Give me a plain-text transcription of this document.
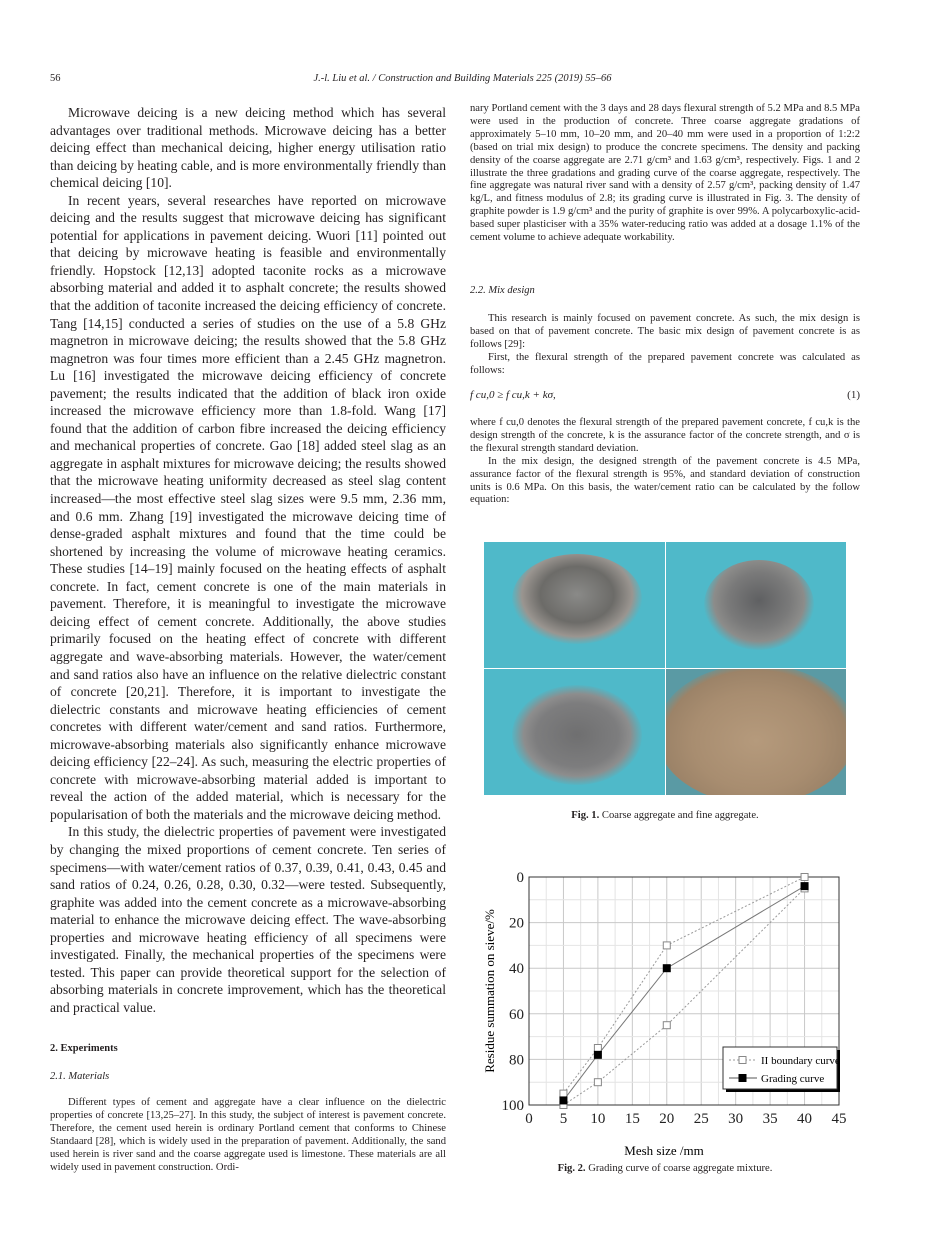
56	J.-l. Liu et al. / Construction and Building Materials 225 (2019) 55–66

Microwave deicing is a new deicing method which has several advantages over traditional methods. Microwave deicing has a better deicing effect than mechanical deicing, higher energy utilisation ratio than deicing by heating cable, and is more environmentally friendly than chemical deicing [10].

In recent years, several researches have reported on microwave deicing and the results suggest that microwave deicing has significant potential for applications in pavement deicing. Wuori [11] pointed out that deicing by microwave heating is feasible and environmentally friendly. Hopstock [12,13] adopted taconite rocks as a microwave absorbing material and added it to asphalt concrete; the results showed that the addition of taconite increased the deicing efficiency of concrete. Tang [14,15] conducted a series of studies on the use of a 5.8 GHz magnetron in microwave deicing; the results showed that the 5.8 GHz magnetron was four times more efficient than a 2.45 GHz magnetron. Lu [16] investigated the microwave deicing efficiency of concrete pavement; the results indicated that the addition of black iron oxide increased the microwave efficiency more than 1.8-fold. Wang [17] found that the addition of carbon fibre increased the deicing efficiency and mechanical properties of concrete. Gao [18] added steel slag as an aggregate in asphalt mixtures for microwave deicing; the results showed that the microwave heating uniformity decreased as steel slag content increased—the most effective steel slag sizes were 9.5 mm, 2.36 mm, and 0.6 mm. Zhang [19] investigated the microwave deicing time of dense-graded asphalt mixtures and found that the time could be shortened by increasing the volume of microwave heating ceramics. These studies [14–19] mainly focused on the heating effects of asphalt concrete. In fact, cement concrete is one of the main materials in pavement. Therefore, it is meaningful to investigate the microwave deicing effect of cement concrete. Additionally, the above studies primarily focused on the heating effect of concrete with different aggregate and wave-absorbing materials. However, the water/cement and sand ratios also have an influence on the relative dielectric constant of concrete [20,21]. Therefore, it is important to investigate the dielectric constants and microwave heating efficiencies of cement concretes with different water/cement and sand ratios. Furthermore, microwave-absorbing materials also significantly enhance microwave deicing efficiency [22–24]. As such, measuring the electric properties of concrete with microwave-absorbing material added is important to reveal the action of the added material, which is necessary for the popularisation of both the materials and the microwave deicing method.

In this study, the dielectric properties of pavement were investigated by changing the mixed proportions of cement concrete. Ten series of specimens—with water/cement ratios of 0.37, 0.39, 0.41, 0.43, 0.45 and sand ratios of 0.24, 0.26, 0.28, 0.30, 0.32—were tested. Subsequently, graphite was added into the cement concrete as a microwave-absorbing material to enhance the microwave deicing effect. The wave-absorbing properties and microwave heating efficiency of all specimens were investigated. Finally, the mechanical properties of the specimens were tested. This paper can provide theoretical support for the selection of absorbing materials in concrete improvement, which has the theoretical and practical value.

2. Experiments
2.1. Materials

Different types of cement and aggregate have a clear influence on the dielectric properties of concrete [13,25–27]. In this study, the subject of interest is pavement concrete. Therefore, the cement used herein is ordinary Portland cement that conforms to Chinese Standaard [28], which is widely used in the preparation of pavement. Additionally, the sand used herein is river sand and the coarse aggregate used is limestone. These materials are all widely used in pavement construction. Ordi-

nary Portland cement with the 3 days and 28 days flexural strength of 5.2 MPa and 8.5 MPa were used in the production of concrete. Three coarse aggregate gradations of approximately 5–10 mm, 10–20 mm, and 20–40 mm were used in a proportion of 1:2:2 (based on trial mix design) to produce the concrete specimens. The density and packing density of the coarse aggregate are 2.71 g/cm³ and 1.63 g/cm³, respectively. Figs. 1 and 2 illustrate the three gradations and grading curve of the coarse aggregate, respectively. The fine aggregate was natural river sand with a density of 2.57 g/cm³, packing density of 1.47 kg/L, and fitness modulus of 2.8; its grading curve is illustrated in Fig. 3. The density of graphite powder is 1.9 g/cm³ and the purity of graphite is over 99%. A polycarboxylic-acid-based super plasticiser with a 35% water-reducing ratio was added at a dosage 1.1% of the cement volume to achieve adequate workability.

2.2. Mix design

This research is mainly focused on pavement concrete. As such, the mix design is based on that of pavement concrete. The basic mix design of pavement concrete is as follows [29]:

First, the flexural strength of the prepared pavement concrete was calculated as follows:

f cu,0 ≥ f cu,k + kσ,	(1)

where f cu,0 denotes the flexural strength of the prepared pavement concrete, f cu,k is the design strength of the concrete, k is the assurance factor of the concrete strength, and σ is the flexural strength standard deviation.

In the mix design, the designed strength of the pavement concrete is 4.5 MPa, assurance factor of the flexural strength is 95%, and standard deviation of construction units is 0.6 MPa. On this basis, the water/cement ratio can be calculated by the follow equation:

Fig. 1. Coarse aggregate and fine aggregate.
0 5 10 15 20 25 30 35 40 45
0
20
40
60
80
100
Mesh size /mm
Residue summation on sieve/%	II boundary curve
Grading curve
Fig. 2. Grading curve of coarse aggregate mixture.
